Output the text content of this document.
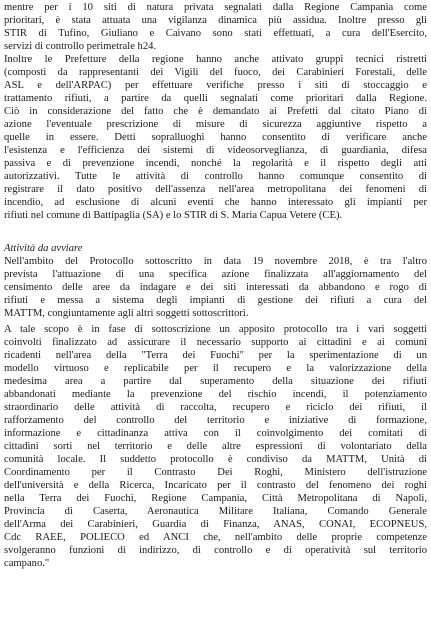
mentre per i 10 siti di natura privata segnalati dalla Regione Campania come
prioritari, è stata attuata una vigilanza dinamica più assidua. Inoltre presso gli
STIR di Tufino, Giuliano e Caivano sono stati effettuati, a cura dell'Esercito,
servizi di controllo perimetrale h24.
Inoltre le Prefetture della regione hanno anche attivato gruppi tecnici ristretti
(composti da rappresentanti dei Vigili del fuoco, dei Carabinieri Forestali, delle
ASL e dell'ARPAC) per effettuare verifiche presso i siti di stoccaggio e
trattamento rifiuti, a partire da quelli segnalati come prioritari dalla Regione.
Ciò in considerazione del fatto che è demandato ai Prefetti dal citato Piano di
azione l'eventuale prescrizione di misure di sicurezza aggiuntive rispetto a
quelle in essere. Detti sopralluoghi hanno consentito di verificare anche
l'esistenza e l'efficienza dei sistemi di videosorveglianza, di guardiania, difesa
passiva e di prevenzione incendi, nonché la regolarità e il rispetto degli atti
autorizzativi. Tutte le attività di controllo hanno comunque consentito di
registrare il dato positivo dell'assenza nell'area metropolitana dei fenomeni di
incendio, ad esclusione di alcuni eventi che hanno interessato gli impianti per
rifiuti nel comune di Battipaglia (SA) e lo STIR di S. Maria Capua Vetere (CE).
Attività da avviare
Nell'ambito del Protocollo sottoscritto in data 19 novembre 2018, è tra l'altro
prevista l'attuazione di una specifica azione finalizzata all'aggiornamento del
censimento delle aree da indagare e dei siti interessati da abbandono e rogo di
rifiuti e messa a sistema degli impianti di gestione dei rifiuti a cura del
MATTM, congiuntamente agli altri soggetti sottoscrittori.
A tale scopo è in fase di sottoscrizione un apposito protocollo tra i vari soggetti
coinvolti finalizzato ad assicurare il necessario supporto ai cittadini e ai comuni
ricadenti nell'area della "Terra dei Fuochi" per la sperimentazione di un
modello virtuoso e replicabile per il recupero e la valorizzazione della
medesima area a partire dal superamento della situazione dei rifiuti
abbandonati mediante la prevenzione del rischio incendi, il potenziamento
straordinario delle attività di raccolta, recupero e riciclo dei rifiuti, il
rafforzamento del controllo del territorio e iniziative di formazione,
informazione e cittadinanza attiva con il coinvolgimento dei comitati di
cittadini sorti nel territorio e delle altre espressioni di volontariato della
comunità locale. Il suddetto protocollo è condiviso da MATTM, Unità di
Coordinamento per il Contrasto Dei Roghi, Ministero dell'istruzione
dell'università e della Ricerca, Incaricato per il contrasto del fenomeno dei roghi
nella Terra dei Fuochi, Regione Campania, Città Metropolitana di Napoli,
Provincia di Caserta, Aeronautica Militare Italiana, Comando Generale
dell'Arma dei Carabinieri, Guardia di Finanza, ANAS, CONAI, ECOPNEUS,
Cdc RAEE, POLIECO ed ANCI che, nell'ambito delle proprie competenze
svolgeranno funzioni di indirizzo, di controllo e di operatività sul territorio
campano."
